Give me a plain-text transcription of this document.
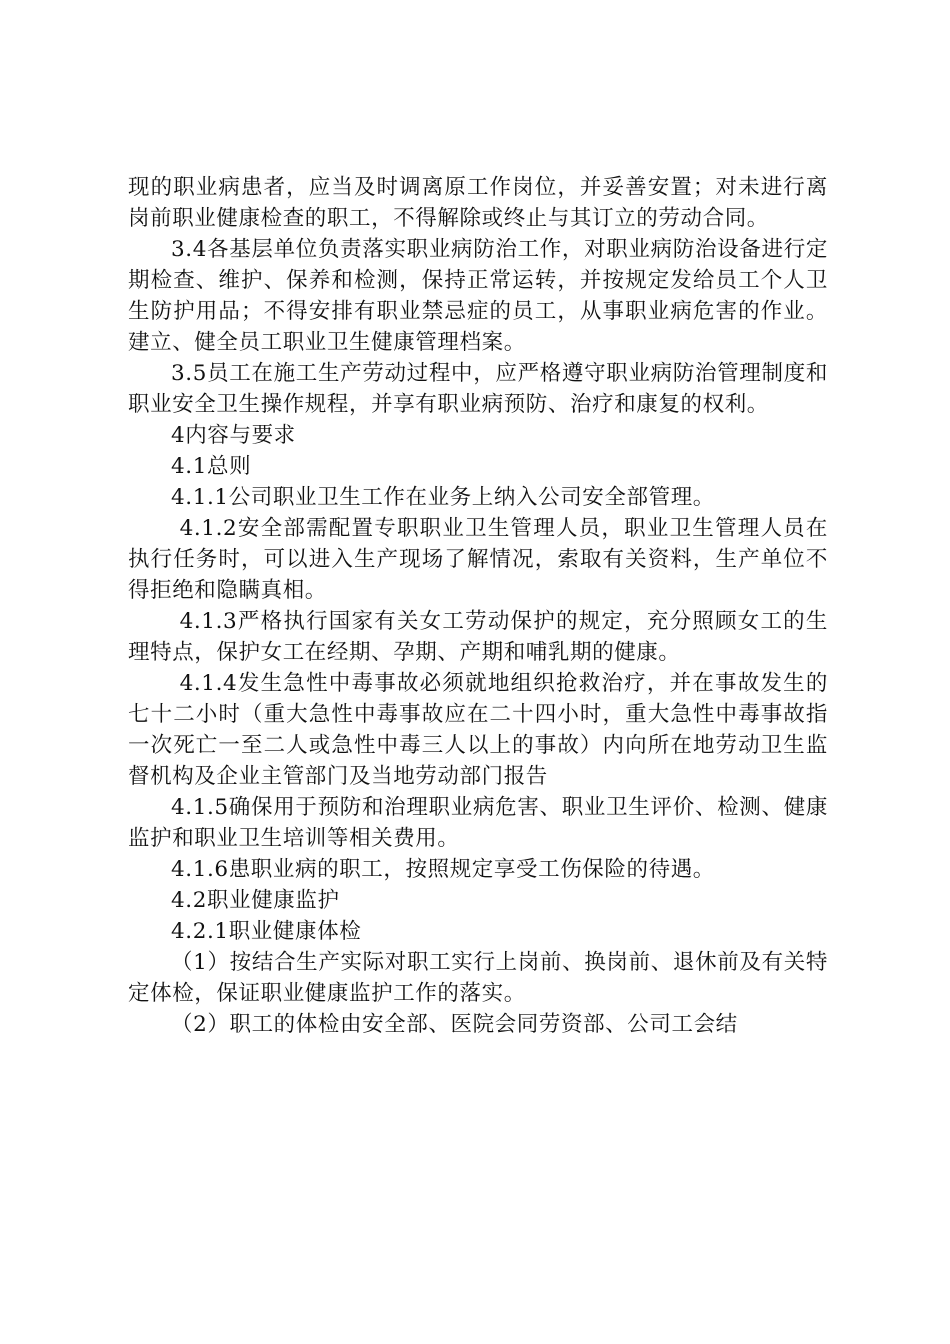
现的职业病患者，应当及时调离原工作岗位，并妥善安置；对未进行离岗前职业健康检查的职工，不得解除或终止与其订立的劳动合同。

3.4各基层单位负责落实职业病防治工作，对职业病防治设备进行定期检查、维护、保养和检测，保持正常运转，并按规定发给员工个人卫生防护用品；不得安排有职业禁忌症的员工，从事职业病危害的作业。建立、健全员工职业卫生健康管理档案。

3.5员工在施工生产劳动过程中，应严格遵守职业病防治管理制度和职业安全卫生操作规程，并享有职业病预防、治疗和康复的权利。

4内容与要求

4.1总则

4.1.1公司职业卫生工作在业务上纳入公司安全部管理。

4.1.2安全部需配置专职职业卫生管理人员，职业卫生管理人员在执行任务时，可以进入生产现场了解情况，索取有关资料，生产单位不得拒绝和隐瞒真相。

4.1.3严格执行国家有关女工劳动保护的规定，充分照顾女工的生理特点，保护女工在经期、孕期、产期和哺乳期的健康。

4.1.4发生急性中毒事故必须就地组织抢救治疗，并在事故发生的七十二小时（重大急性中毒事故应在二十四小时，重大急性中毒事故指一次死亡一至二人或急性中毒三人以上的事故）内向所在地劳动卫生监督机构及企业主管部门及当地劳动部门报告

4.1.5确保用于预防和治理职业病危害、职业卫生评价、检测、健康监护和职业卫生培训等相关费用。

4.1.6患职业病的职工，按照规定享受工伤保险的待遇。

4.2职业健康监护

4.2.1职业健康体检

（1）按结合生产实际对职工实行上岗前、换岗前、退休前及有关特定体检，保证职业健康监护工作的落实。

（2）职工的体检由安全部、医院会同劳资部、公司工会结
